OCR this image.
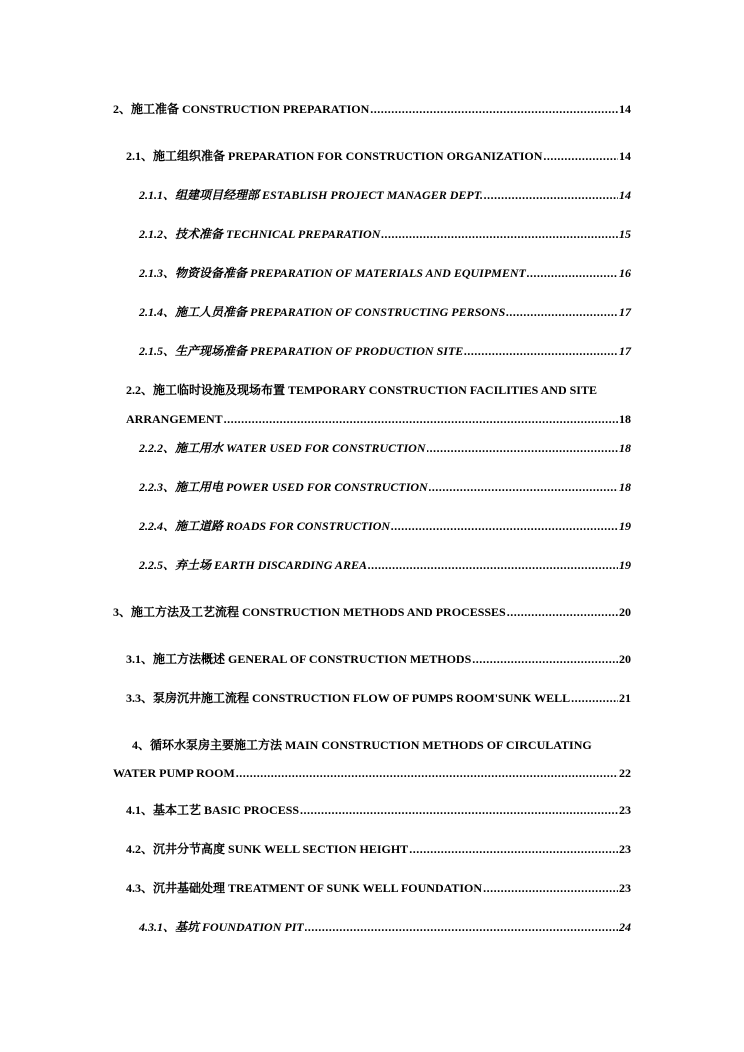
2、 施工准备 CONSTRUCTION PREPARATION .....	14
2.1、 施工组织准备 PREPARATION FOR CONSTRUCTION ORGANIZATION .....	14
2.1.1、 组建项目经理部 ESTABLISH PROJECT MANAGER DEPT. .....	14
2.1.2、 技术准备 TECHNICAL PREPARATION .....	15
2.1.3、 物资设备准备 PREPARATION OF MATERIALS AND EQUIPMENT .....	16
2.1.4、 施工人员准备 PREPARATION OF CONSTRUCTING PERSONS .....	17
2.1.5、 生产现场准备 PREPARATION OF PRODUCTION SITE .....	17
2.2、施工临时设施及现场布置 TEMPORARY CONSTRUCTION FACILITIES AND SITE
ARRANGEMENT .....	18
2.2.2、 施工用水 WATER USED FOR CONSTRUCTION .....	18
2.2.3、 施工用电 POWER USED FOR CONSTRUCTION .....	18
2.2.4、 施工道路 ROADS FOR CONSTRUCTION .....	19
2.2.5、 弃土场 EARTH DISCARDING AREA .....	19
3、 施工方法及工艺流程 CONSTRUCTION METHODS AND PROCESSES .....	20
3.1、 施工方法概述 GENERAL OF CONSTRUCTION METHODS .....	20
3.3、 泵房沉井施工流程 CONSTRUCTION FLOW OF PUMPS ROOM'SUNK WELL .....	21
4、循环水泵房主要施工方法 MAIN CONSTRUCTION METHODS OF CIRCULATING
WATER PUMP ROOM .....	22
4.1、 基本工艺 BASIC PROCESS .....	23
4.2、 沉井分节高度 SUNK WELL SECTION HEIGHT .....	23
4.3、 沉井基础处理 TREATMENT OF SUNK WELL FOUNDATION .....	23
4.3.1、 基坑 FOUNDATION PIT .....	24
